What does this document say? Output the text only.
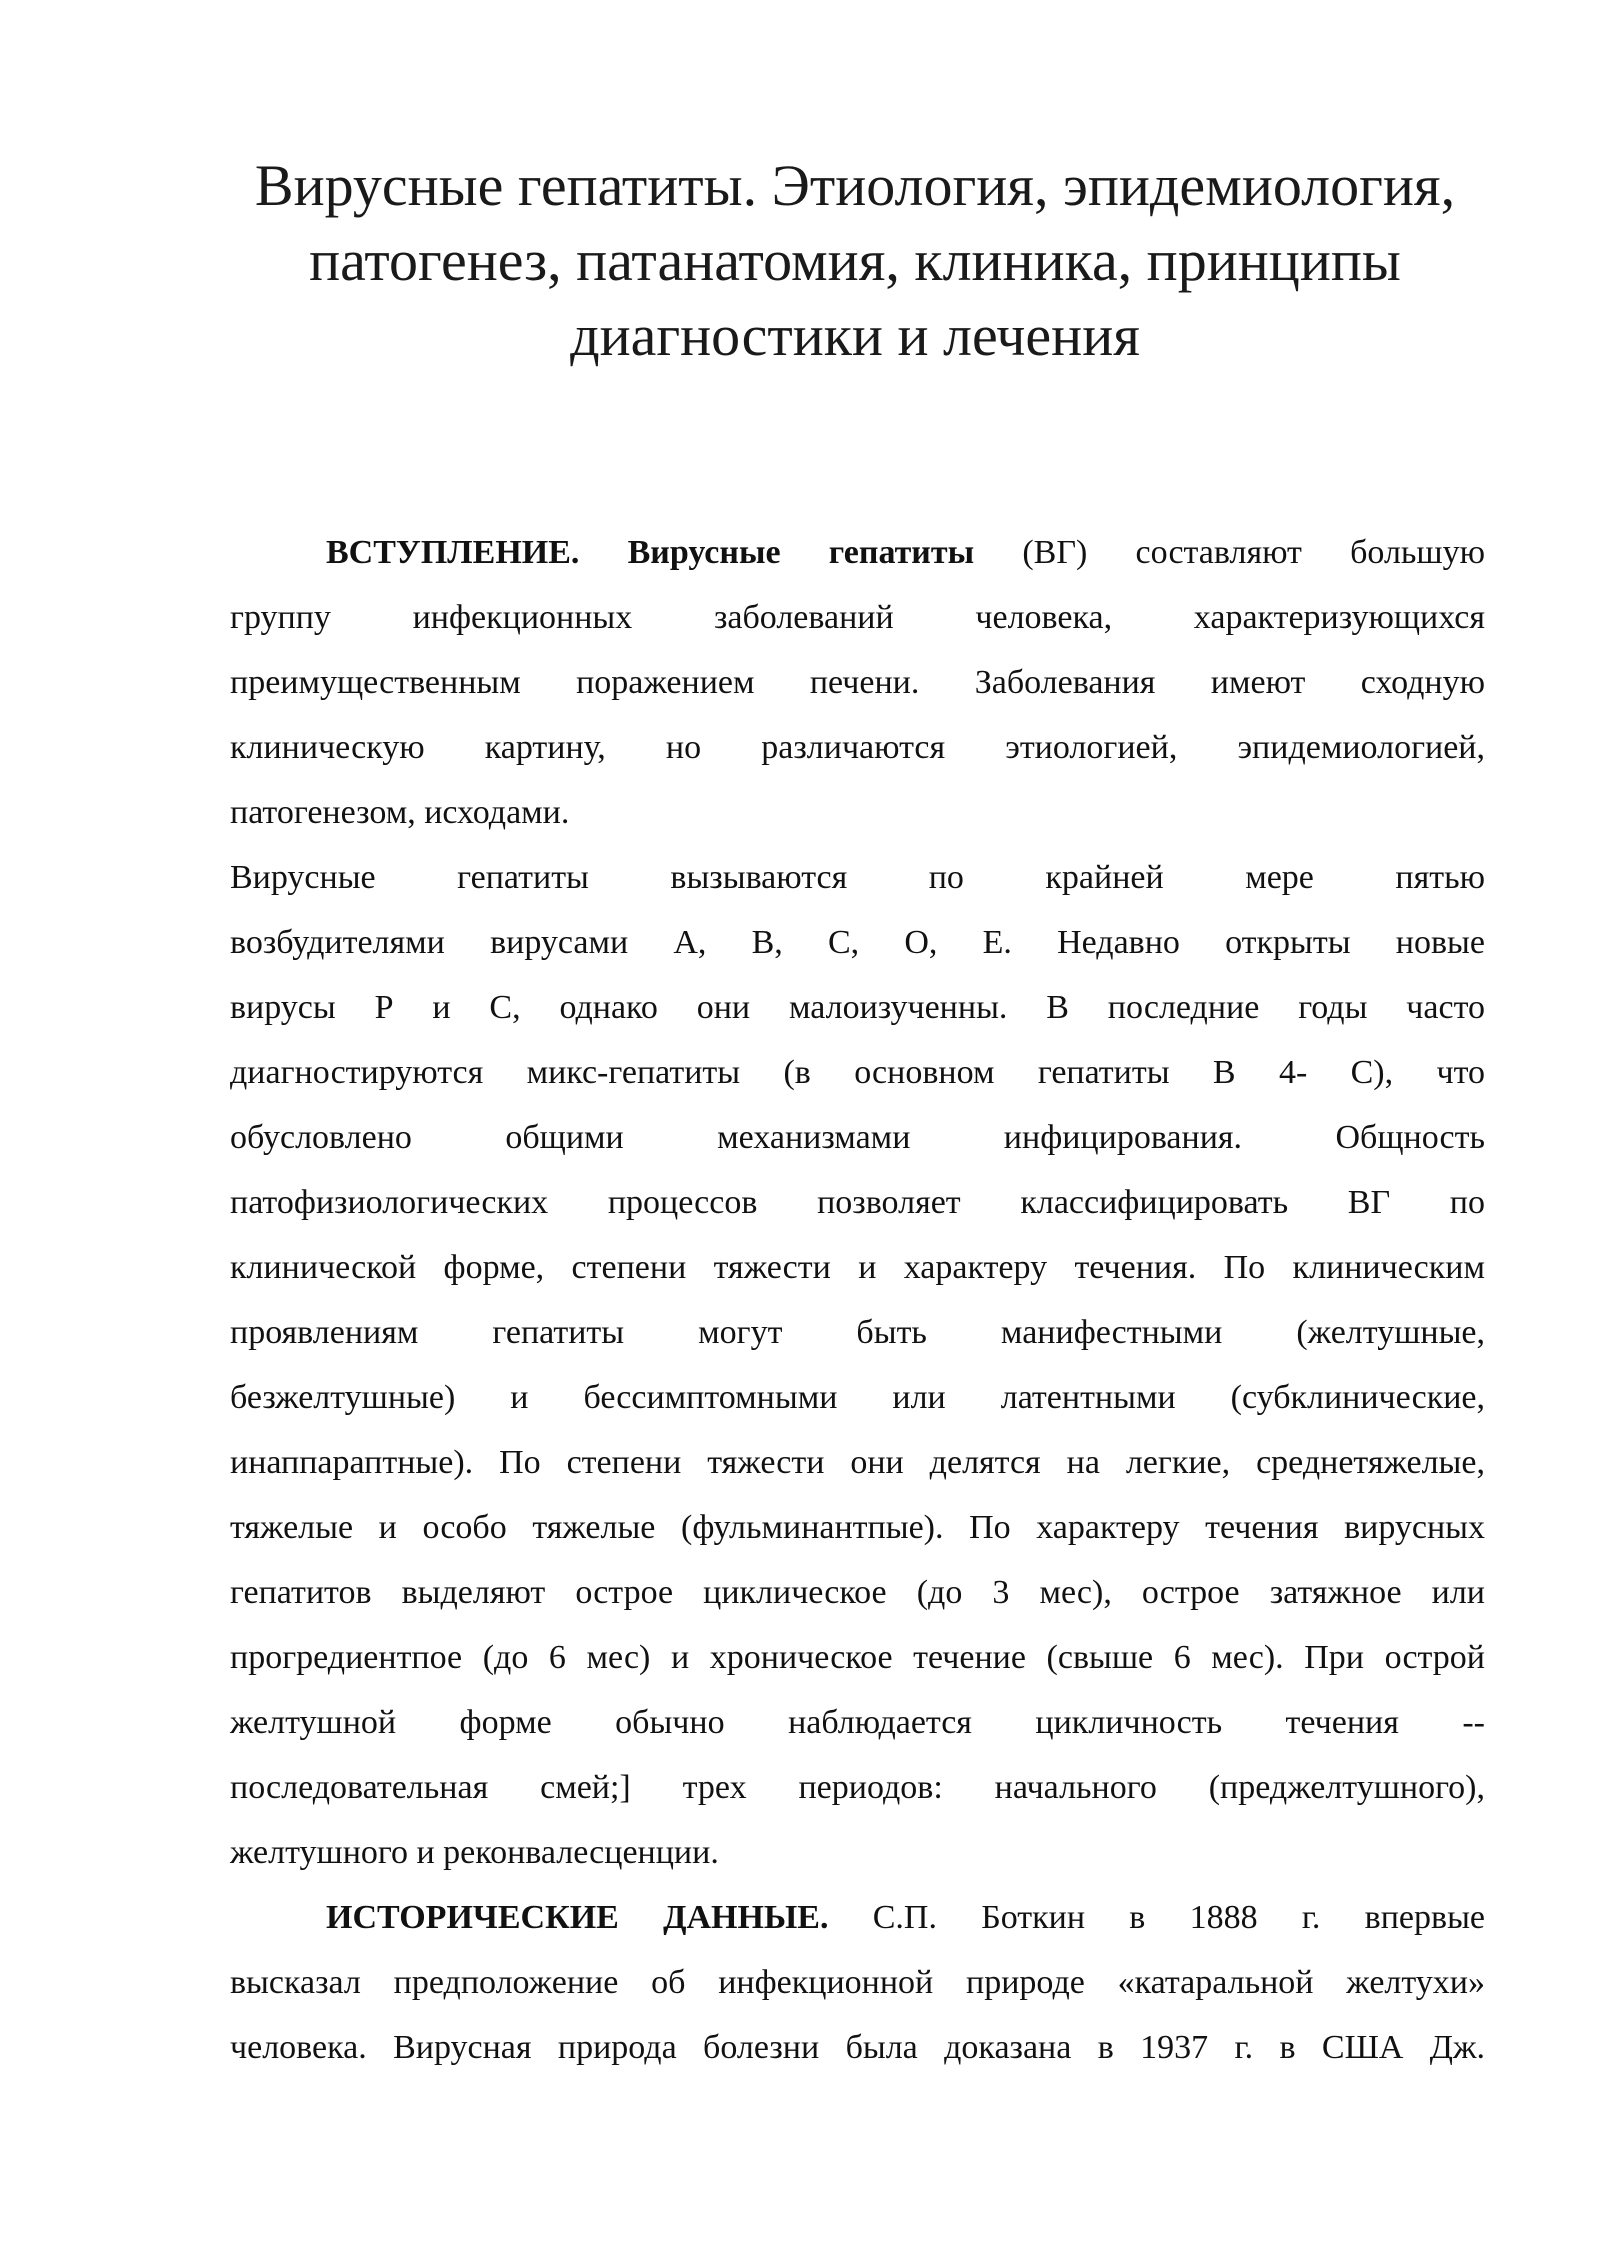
Вирусные гепатиты. Этиология, эпидемиология,
патогенез, патанатомия, клиника, принципы
диагностики и лечения
ВСТУПЛЕНИЕ. Вирусные гепатиты (ВГ) составляют большую
группу инфекционных заболеваний человека, характеризующихся
преимущественным поражением печени. Заболевания имеют сходную
клиническую картину, но различаются этиологией, эпидемиологией,
патогенезом, исходами.
Вирусные гепатиты вызываются по крайней мере пятью
возбудителями вирусами А, В, С, О, Е. Недавно открыты новые
вирусы Р и С, однако они малоизученны. В последние годы часто
диагностируются микс-гепатиты (в основном гепатиты В 4- С), что
обусловлено общими механизмами инфицирования. Общность
патофизиологических процессов позволяет классифицировать ВГ по
клинической форме, степени тяжести и характеру течения. По клиническим
проявлениям гепатиты могут быть манифестными (желтушные,
безжелтушные) и бессимптомными или латентными (субклинические,
инаппараптные). По степени тяжести они делятся на легкие, среднетяжелые,
тяжелые и особо тяжелые (фульминантпые). По характеру течения вирусных
гепатитов выделяют острое циклическое (до 3 мес), острое затяжное или
прогредиентпое (до 6 мес) и хроническое течение (свыше 6 мес). При острой
желтушной форме обычно наблюдается цикличность течения --
последовательная смей;] трех периодов: начального (преджелтушного),
желтушного и реконвалесценции.
ИСТОРИЧЕСКИЕ ДАННЫЕ. С.П. Боткин в 1888 г. впервые
высказал предположение об инфекционной природе «катаральной желтухи»
человека. Вирусная природа болезни была доказана в 1937 г. в США Дж.
